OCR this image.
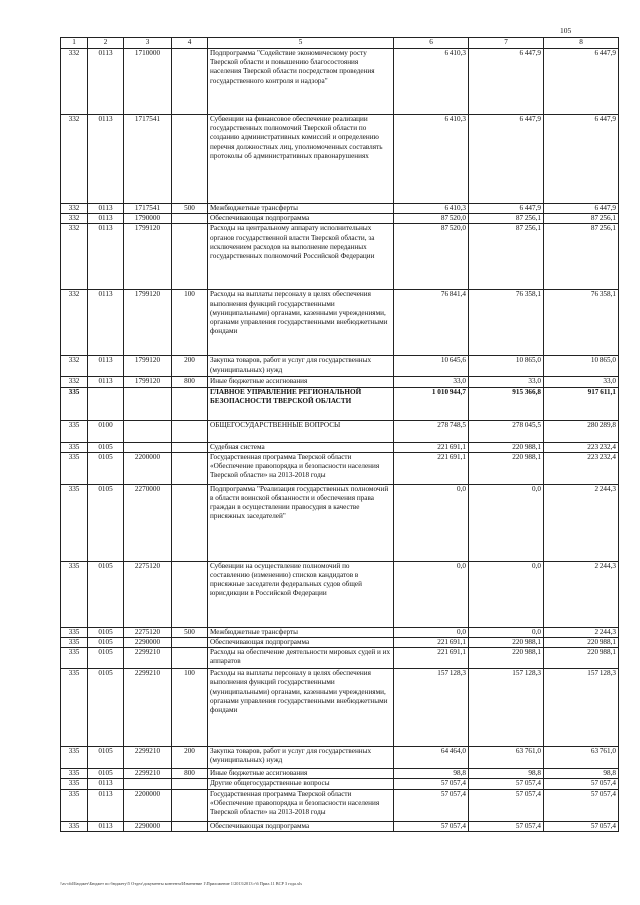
105
1	2	3	4	5	6	7	8
332	0113	1710000		Подпрограмма "Содействие экономическому росту Тверской области и повышению благосостояния населения Тверской области посредством проведения государственного контроля и надзора"	6 410,3	6 447,9	6 447,9
332	0113	1717541		Субвенции на финансовое обеспечение реализации государственных полномочий Тверской области по созданию административных комиссий и определению перечня должностных лиц, уполномоченных составлять протоколы об административных правонарушениях	6 410,3	6 447,9	6 447,9
332	0113	1717541	500	Межбюджетные трансферты	6 410,3	6 447,9	6 447,9
332	0113	1790000		Обеспечивающая подпрограмма	87 520,0	87 256,1	87 256,1
332	0113	1799120		Расходы на центральному аппарату исполнительных органов государственной власти Тверской области, за исключением расходов на выполнение переданных государственных полномочий Российской Федерации	87 520,0	87 256,1	87 256,1
332	0113	1799120	100	Расходы на выплаты персоналу в целях обеспечения выполнения функций государственными (муниципальными) органами, казенными учреждениями, органами управления государственными внебюджетными фондами	76 841,4	76 358,1	76 358,1
332	0113	1799120	200	Закупка товаров, работ и услуг для государственных (муниципальных) нужд	10 645,6	10 865,0	10 865,0
332	0113	1799120	800	Иные бюджетные ассигнования	33,0	33,0	33,0
335				ГЛАВНОЕ УПРАВЛЕНИЕ РЕГИОНАЛЬНОЙ БЕЗОПАСНОСТИ ТВЕРСКОЙ ОБЛАСТИ	1 010 944,7	915 366,8	917 611,1
335	0100			ОБЩЕГОСУДАРСТВЕННЫЕ ВОПРОСЫ	278 748,5	278 045,5	280 289,8
335	0105			Судебная система	221 691,1	220 988,1	223 232,4
335	0105	2200000		Государственная программа Тверской области «Обеспечение правопорядка и безопасности населения Тверской области» на 2013-2018 годы	221 691,1	220 988,1	223 232,4
335	0105	2270000		Подпрограмма "Реализация государственных полномочий в области воинской обязанности и обеспечения права граждан в осуществлении правосудия в качестве присяжных заседателей"	0,0	0,0	2 244,3
335	0105	2275120		Субвенции на осуществление полномочий по составлению (изменению) списков кандидатов в присяжные заседатели федеральных судов общей юрисдикции в Российской Федерации	0,0	0,0	2 244,3
335	0105	2275120	500	Межбюджетные трансферты	0,0	0,0	2 244,3
335	0105	2290000		Обеспечивающая подпрограмма	221 691,1	220 988,1	220 988,1
335	0105	2299210		Расходы на обеспечение деятельности мировых судей и их аппаратов	221 691,1	220 988,1	220 988,1
335	0105	2299210	100	Расходы на выплаты персоналу в целях обеспечения выполнения функций государственными (муниципальными) органами, казенными учреждениями, органами управления государственными внебюджетными фондами	157 128,3	157 128,3	157 128,3
335	0105	2299210	200	Закупка товаров, работ и услуг для государственных (муниципальных) нужд	64 464,0	63 761,0	63 761,0
335	0105	2299210	800	Иные бюджетные ассигнования	98,8	98,8	98,8
335	0113			Другие общегосударственные вопросы	57 057,4	57 057,4	57 057,4
335	0113	2200000		Государственная программа Тверской области «Обеспечение правопорядка и безопасности населения Тверской области» на 2013-2018 годы	57 057,4	57 057,4	57 057,4
335	0113	2290000		Обеспечивающая подпрограмма	57 057,4	57 057,4	57 057,4
\\zs-obl\Бюджет\Бюджет по бюджету\5 Отдел\документы контента\Изменение 1\Приложение 1\2013\2013 г\6 Прил.11 ВСР 3 года.xls
